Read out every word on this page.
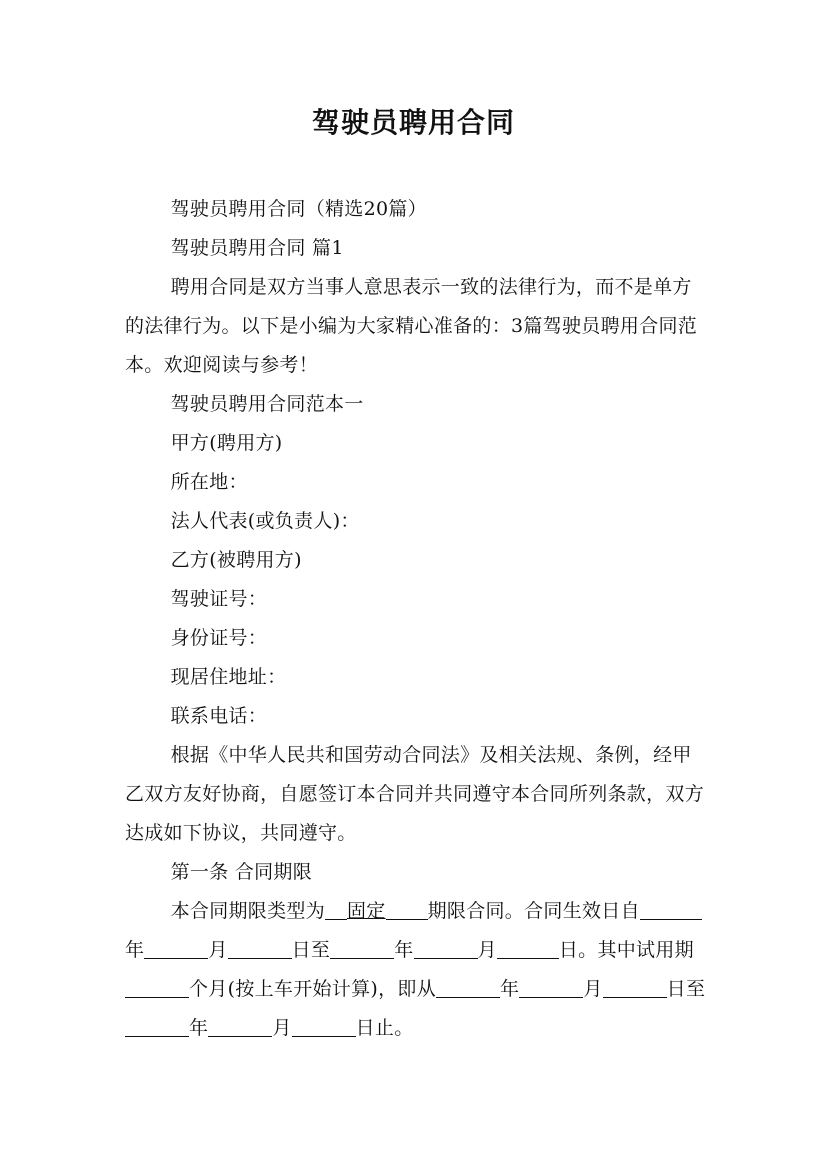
驾驶员聘用合同

驾驶员聘用合同（精选20篇）

驾驶员聘用合同 篇1

聘用合同是双方当事人意思表示一致的法律行为，而不是单方的法律行为。以下是小编为大家精心准备的：3篇驾驶员聘用合同范本。欢迎阅读与参考！

驾驶员聘用合同范本一

甲方(聘用方)

所在地：

法人代表(或负责人)：

乙方(被聘用方)

驾驶证号：

身份证号：

现居住地址：

联系电话：

根据《中华人民共和国劳动合同法》及相关法规、条例，经甲乙双方友好协商，自愿签订本合同并共同遵守本合同所列条款，双方达成如下协议，共同遵守。

第一条 合同期限

本合同期限类型为 固定 期限合同。合同生效日自年	月	日至	年	月	日。其中试用期个月(按上车开始计算)，即从	年	月	日至年	月	日止。
